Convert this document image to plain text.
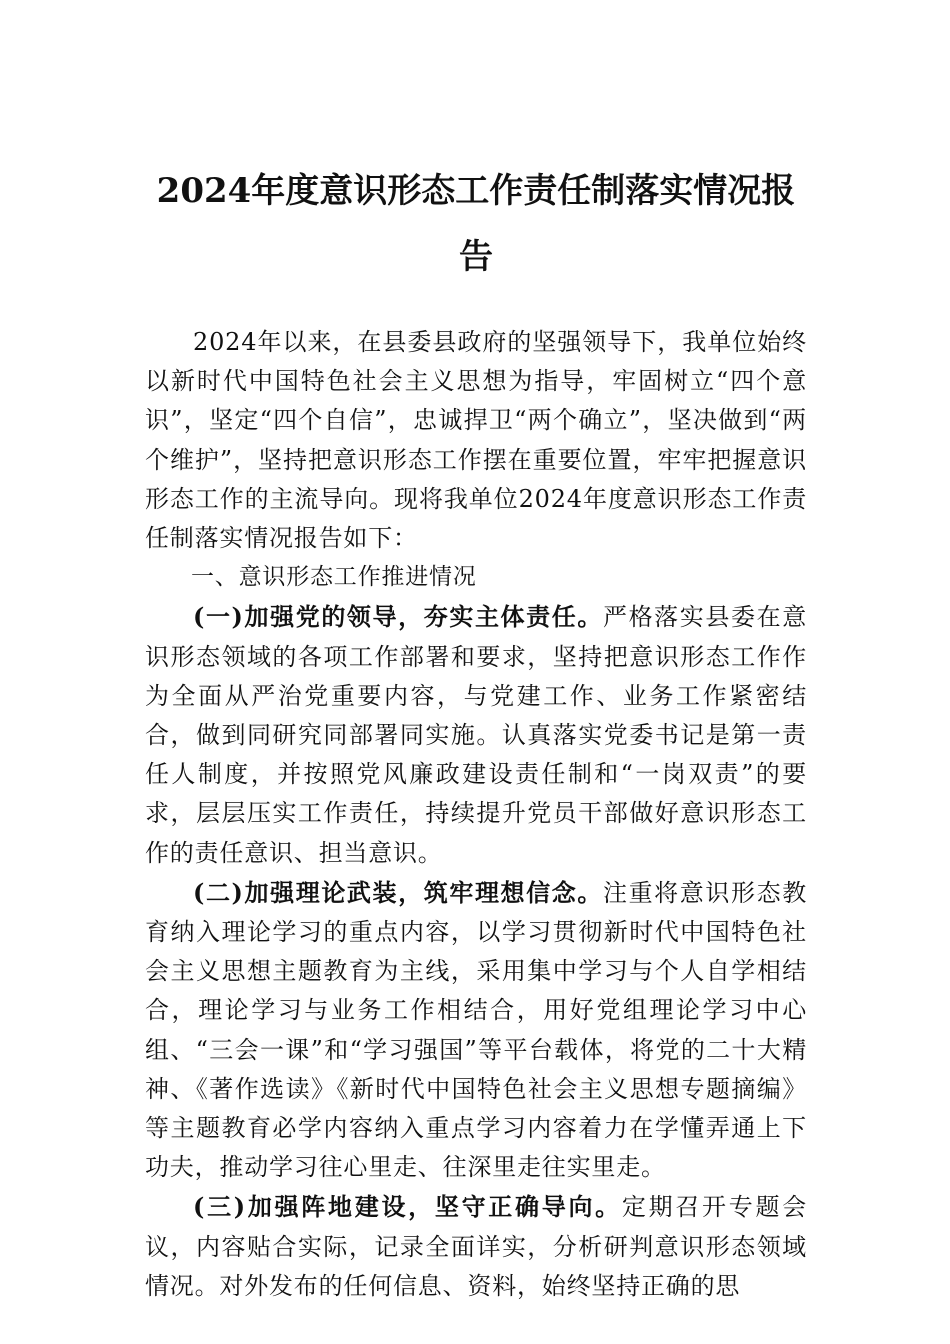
2024年度意识形态工作责任制落实情况报告

2024年以来，在县委县政府的坚强领导下，我单位始终以新时代中国特色社会主义思想为指导，牢固树立“四个意识”，坚定“四个自信”，忠诚捍卫“两个确立”，坚决做到“两个维护”，坚持把意识形态工作摆在重要位置，牢牢把握意识形态工作的主流导向。现将我单位2024年度意识形态工作责任制落实情况报告如下：

一、意识形态工作推进情况

(一)加强党的领导，夯实主体责任。严格落实县委在意识形态领域的各项工作部署和要求，坚持把意识形态工作作为全面从严治党重要内容，与党建工作、业务工作紧密结合，做到同研究同部署同实施。认真落实党委书记是第一责任人制度，并按照党风廉政建设责任制和“一岗双责”的要求，层层压实工作责任，持续提升党员干部做好意识形态工作的责任意识、担当意识。

(二)加强理论武装，筑牢理想信念。注重将意识形态教育纳入理论学习的重点内容，以学习贯彻新时代中国特色社会主义思想主题教育为主线，采用集中学习与个人自学相结合，理论学习与业务工作相结合，用好党组理论学习中心组、“三会一课”和“学习强国”等平台载体，将党的二十大精神、《著作选读》《新时代中国特色社会主义思想专题摘编》等主题教育必学内容纳入重点学习内容着力在学懂弄通上下功夫，推动学习往心里走、往深里走往实里走。

(三)加强阵地建设，坚守正确导向。定期召开专题会议，内容贴合实际，记录全面详实，分析研判意识形态领域情况。对外发布的任何信息、资料，始终坚持正确的思
